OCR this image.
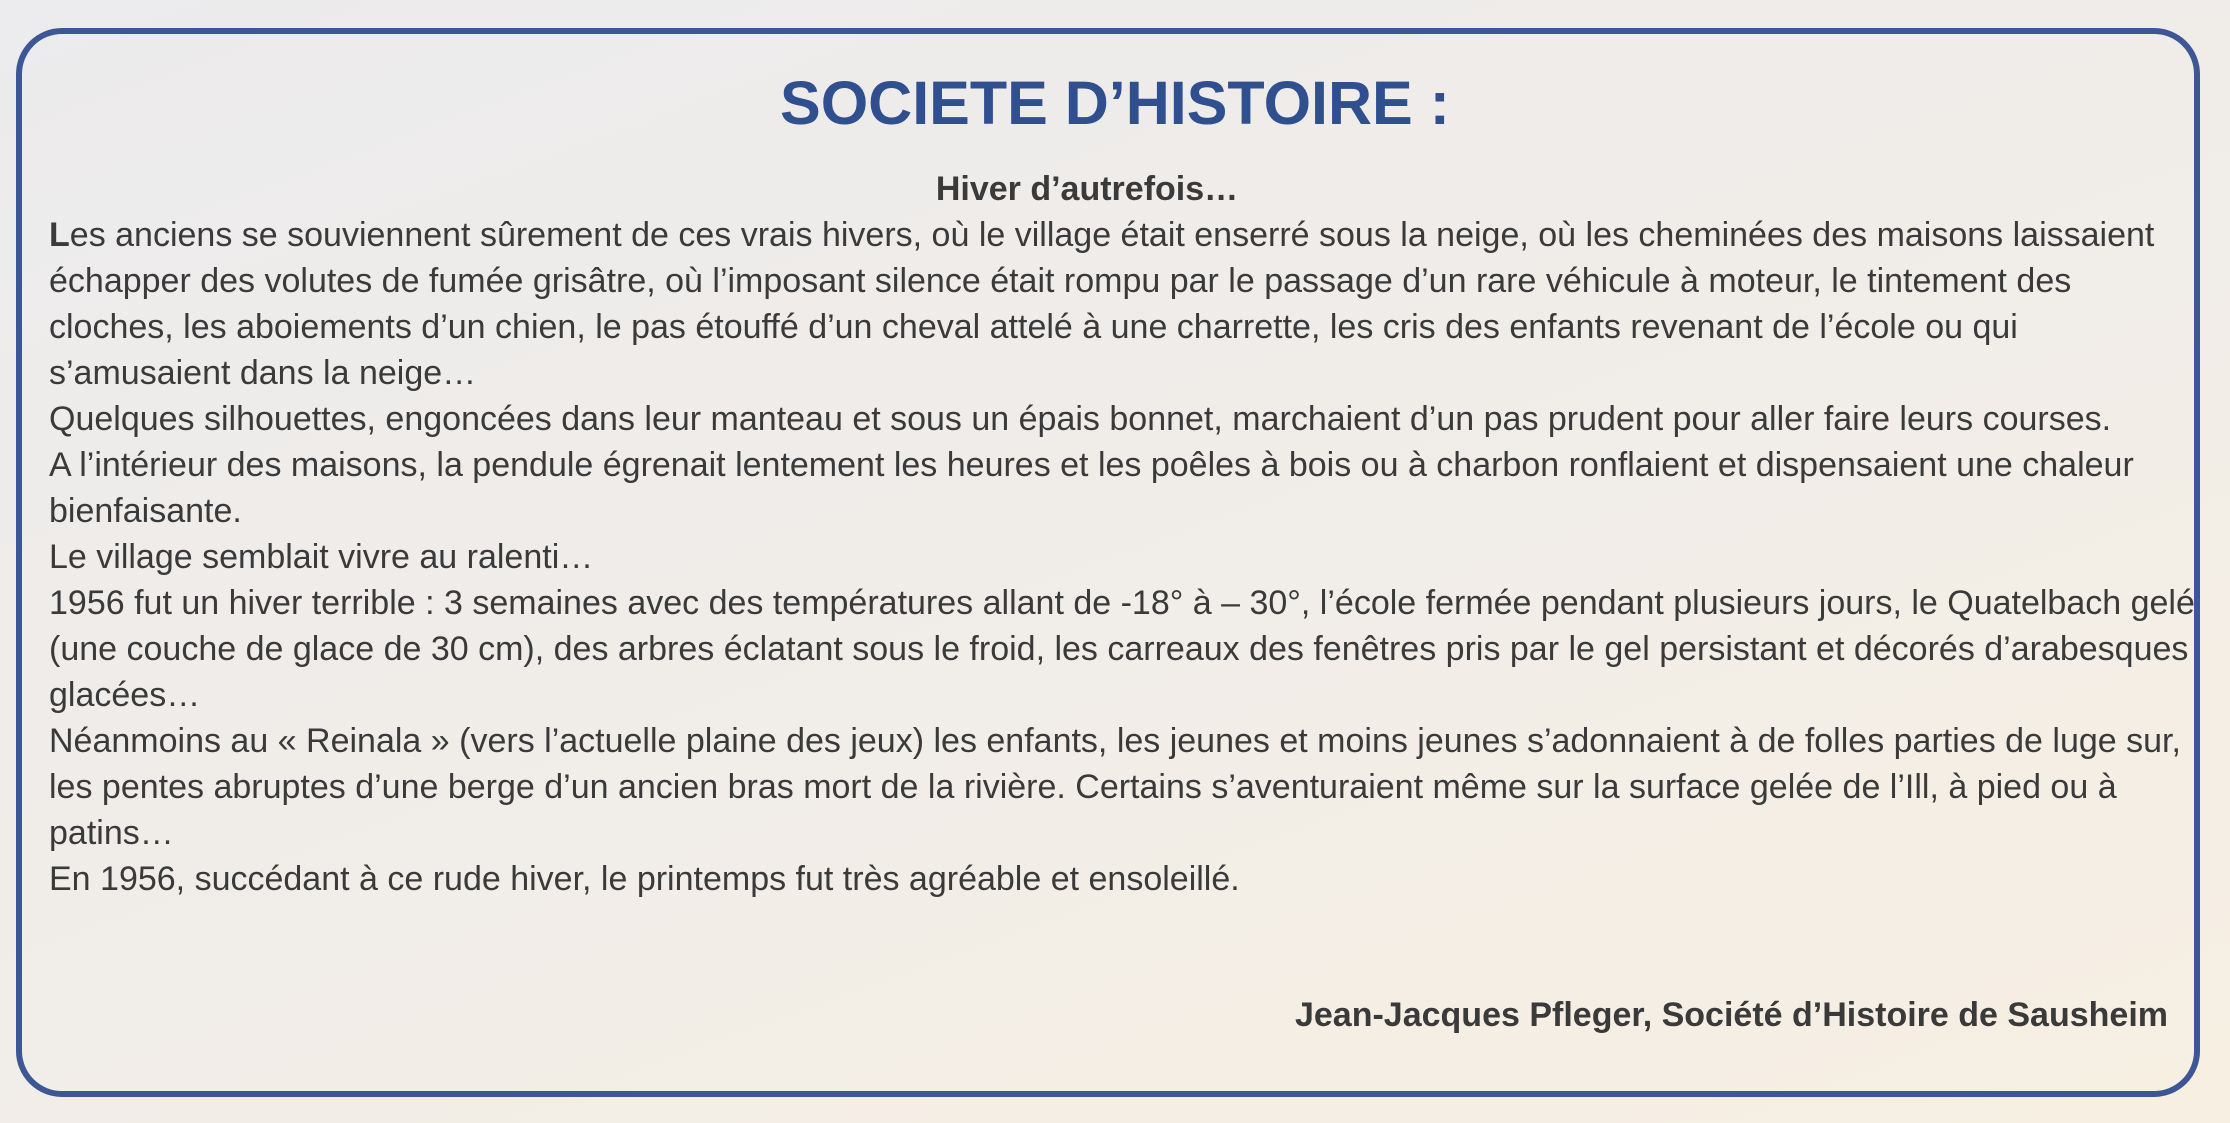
SOCIETE D’HISTOIRE :
Hiver d’autrefois…

Les anciens se souviennent sûrement de ces vrais hivers, où le village était enserré sous la neige, où les cheminées des maisons laissaient échapper des volutes de fumée grisâtre, où l’imposant silence était rompu par le passage d’un rare véhicule à moteur, le tintement des cloches, les aboiements d’un chien, le pas étouffé d’un cheval attelé à une charrette, les cris des enfants revenant de l’école ou qui s’amusaient dans la neige…

Quelques silhouettes, engoncées dans leur manteau et sous un épais bonnet, marchaient d’un pas prudent pour aller faire leurs courses.

A l’intérieur des maisons, la pendule égrenait lentement les heures et les poêles à bois ou à charbon ronflaient et dispensaient une chaleur bienfaisante.

Le village semblait vivre au ralenti…

1956 fut un hiver terrible : 3 semaines avec des températures allant de -18° à – 30°, l’école fermée pendant plusieurs jours, le Quatelbach gelé (une couche de glace de 30 cm), des arbres éclatant sous le froid, les carreaux des fenêtres pris par le gel persistant et décorés d’arabesques glacées…

Néanmoins au « Reinala » (vers l’actuelle plaine des jeux) les enfants, les jeunes et moins jeunes s’adonnaient à de folles parties de luge sur, les pentes abruptes d’une berge d’un ancien bras mort de la rivière. Certains s’aventuraient même sur la surface gelée de l’Ill, à pied ou à patins…

En 1956, succédant à ce rude hiver, le printemps fut très agréable et ensoleillé.

Jean-Jacques Pfleger, Société d’Histoire de Sausheim
